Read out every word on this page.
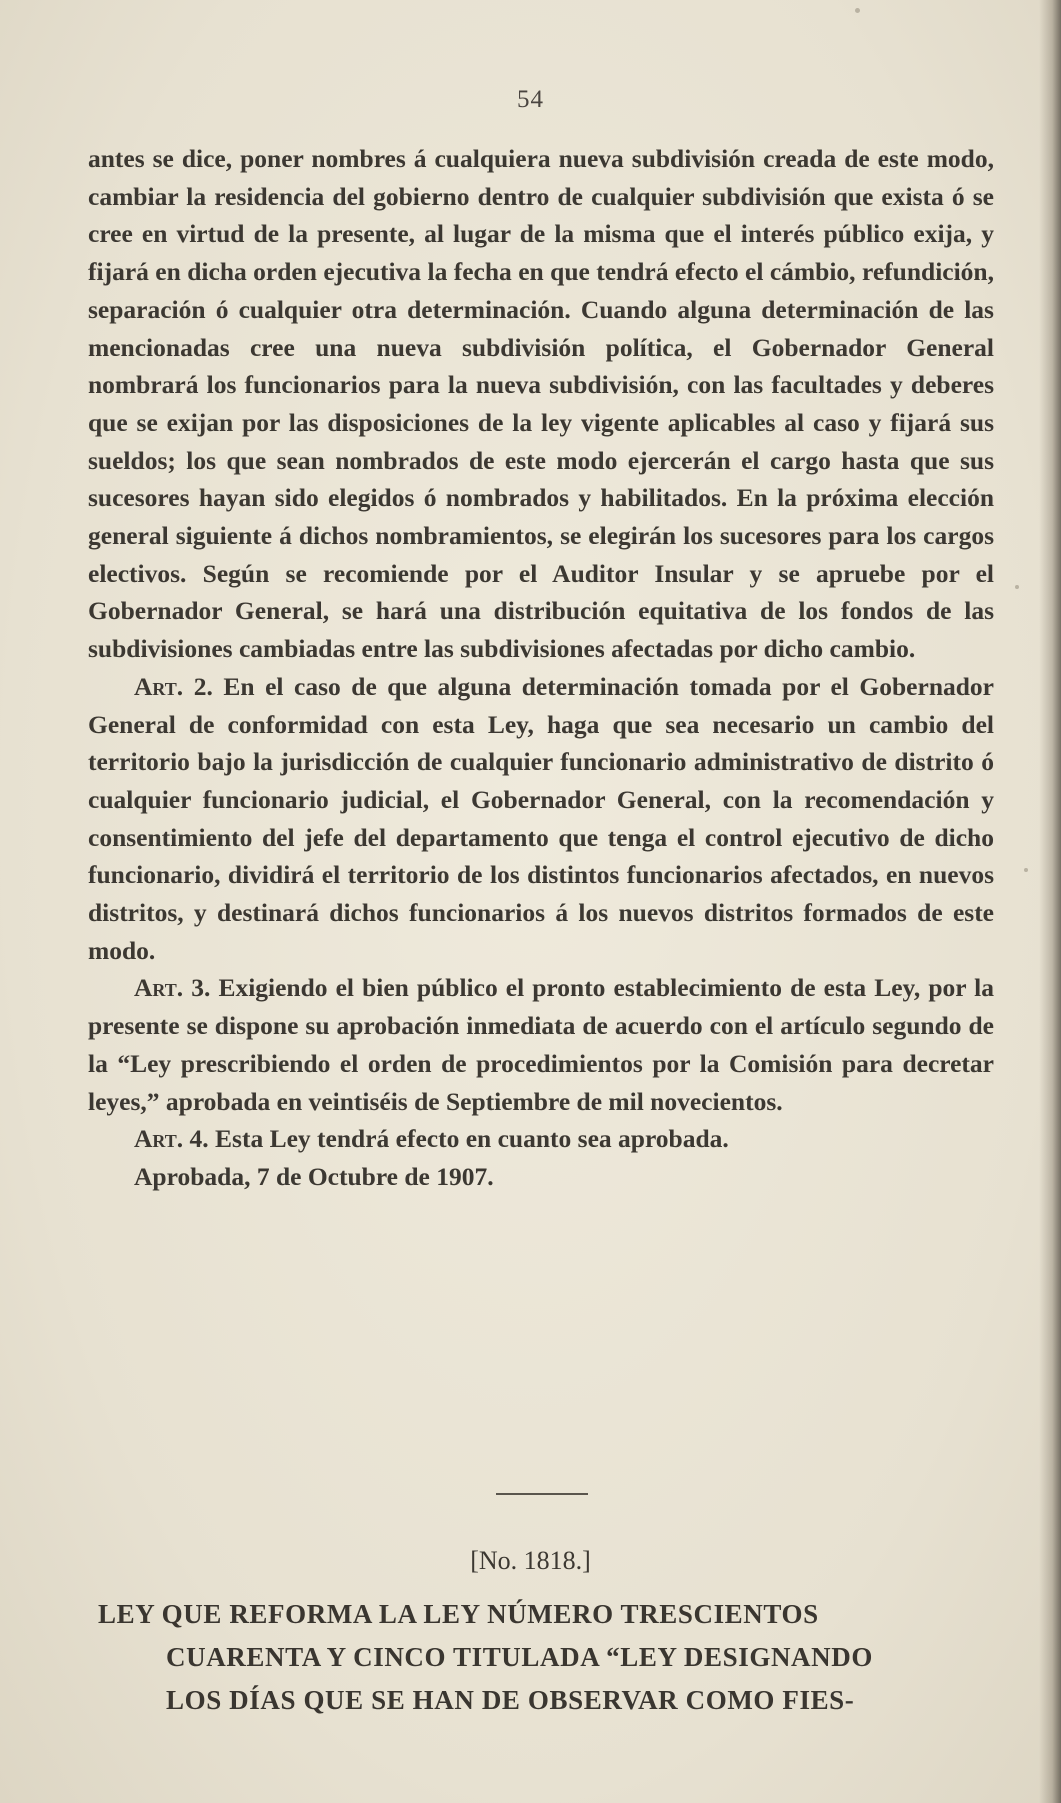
54

antes se dice, poner nombres á cualquiera nueva subdivisión creada de este modo, cambiar la residencia del gobierno dentro de cualquier subdivisión que exista ó se cree en virtud de la presente, al lugar de la misma que el interés público exija, y fijará en dicha orden ejecutiva la fecha en que tendrá efecto el cámbio, refundición, separación ó cualquier otra determinación. Cuando alguna determinación de las mencionadas cree una nueva subdivisión política, el Gobernador General nombrará los funcionarios para la nueva subdivisión, con las facultades y deberes que se exijan por las disposiciones de la ley vigente aplicables al caso y fijará sus sueldos; los que sean nombrados de este modo ejercerán el cargo hasta que sus sucesores hayan sido elegidos ó nombrados y habilitados. En la próxima elección general siguiente á dichos nombramientos, se elegirán los sucesores para los cargos electivos. Según se recomiende por el Auditor Insular y se apruebe por el Gobernador General, se hará una distribución equitativa de los fondos de las subdivisiones cambiadas entre las subdivisiones afectadas por dicho cambio.

Art. 2. En el caso de que alguna determinación tomada por el Gobernador General de conformidad con esta Ley, haga que sea necesario un cambio del territorio bajo la jurisdicción de cualquier funcionario administrativo de distrito ó cualquier funcionario judicial, el Gobernador General, con la recomendación y consentimiento del jefe del departamento que tenga el control ejecutivo de dicho funcionario, dividirá el territorio de los distintos funcionarios afectados, en nuevos distritos, y destinará dichos funcionarios á los nuevos distritos formados de este modo.

Art. 3. Exigiendo el bien público el pronto establecimiento de esta Ley, por la presente se dispone su aprobación inmediata de acuerdo con el artículo segundo de la “Ley prescribiendo el orden de procedimientos por la Comisión para decretar leyes,” aprobada en veintiséis de Septiembre de mil novecientos.

Art. 4. Esta Ley tendrá efecto en cuanto sea aprobada.

Aprobada, 7 de Octubre de 1907.

[No. 1818.]
LEY QUE REFORMA LA LEY NÚMERO TRESCIENTOS
CUARENTA Y CINCO TITULADA “LEY DESIGNANDO
LOS DÍAS QUE SE HAN DE OBSERVAR COMO FIES-
